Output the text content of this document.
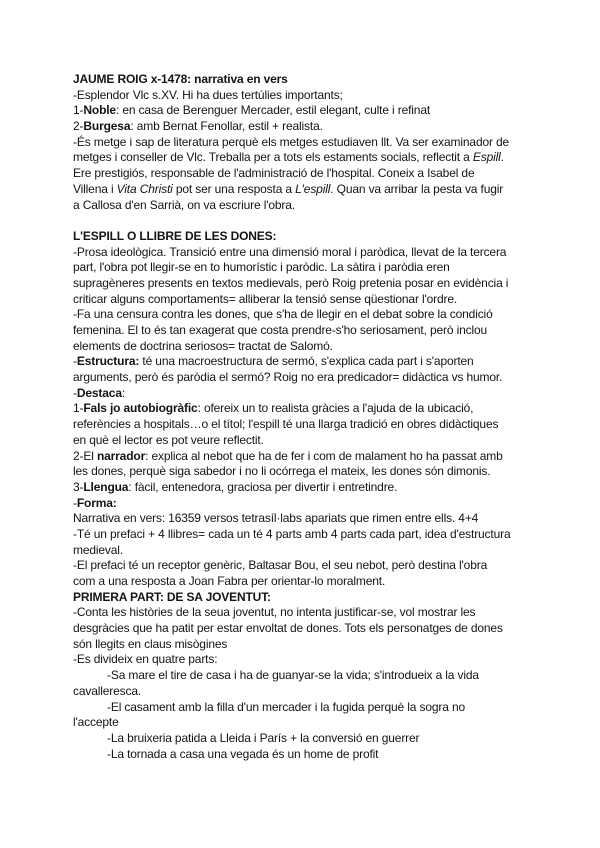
JAUME ROIG x-1478: narrativa en vers
-Esplendor Vlc s.XV. Hi ha dues tertúlies importants;
1-Noble: en casa de Berenguer Mercader, estil elegant, culte i refinat
2-Burgesa: amb Bernat Fenollar, estil + realista.
-És metge i sap de literatura perquè els metges estudiaven llt. Va ser examinador de
metges i conseller de Vlc. Treballa per a tots els estaments socials, reflectit a Espill.
Ere prestigiós, responsable de l'administració de l'hospital. Coneix a Isabel de
Villena i Vita Christi pot ser una resposta a L'espill. Quan va arribar la pesta va fugir
a Callosa d'en Sarrià, on va escriure l'obra.
L'ESPILL O LLIBRE DE LES DONES:
-Prosa ideològica. Transició entre una dimensió moral i paròdica, llevat de la tercera
part, l'obra pot llegir-se en to humorístic i paròdic. La sàtira i paròdia eren
supragèneres presents en textos medievals, però Roig pretenia posar en evidència i
criticar alguns comportaments= alliberar la tensió sense qüestionar l'ordre.
-Fa una censura contra les dones, que s'ha de llegir en el debat sobre la condició
femenina. El to és tan exagerat que costa prendre-s'ho seriosament, però inclou
elements de doctrina seriosos= tractat de Salomó.
-Estructura: té una macroestructura de sermó, s'explica cada part i s'aporten
arguments, però és paròdia el sermó? Roig no era predicador= didàctica vs humor.
-Destaca:
1-Fals jo autobiogràfic: ofereix un to realista gràcies a l'ajuda de la ubicació,
referències a hospitals…o el títol; l'espill té una llarga tradició en obres didàctiques
en què el lector es pot veure reflectit.
2-El narrador: explica al nebot que ha de fer i com de malament ho ha passat amb
les dones, perquè siga sabedor i no li ocórrega el mateix, les dones són dimonis.
3-Llengua: fàcil, entenedora, graciosa per divertir i entretindre.
-Forma:
Narrativa en vers: 16359 versos tetrasíl·labs apariats que rimen entre ells. 4+4
-Té un prefaci + 4 llibres= cada un té 4 parts amb 4 parts cada part, idea d'estructura
medieval.
-El prefaci té un receptor genèric, Baltasar Bou, el seu nebot, però destina l'obra
com a una resposta a Joan Fabra per orientar-lo moralment.
PRIMERA PART: DE SA JOVENTUT:
-Conta les històries de la seua joventut, no intenta justificar-se, vol mostrar les
desgràcies que ha patit per estar envoltat de dones. Tots els personatges de dones
són llegits en claus misògines
-Es divideix en quatre parts:
-Sa mare el tire de casa i ha de guanyar-se la vida; s'introdueix a la vida
cavalleresca.
-El casament amb la filla d'un mercader i la fugida perquè la sogra no
l'accepte
-La bruixeria patida a Lleida i París + la conversió en guerrer
-La tornada a casa una vegada és un home de profit
